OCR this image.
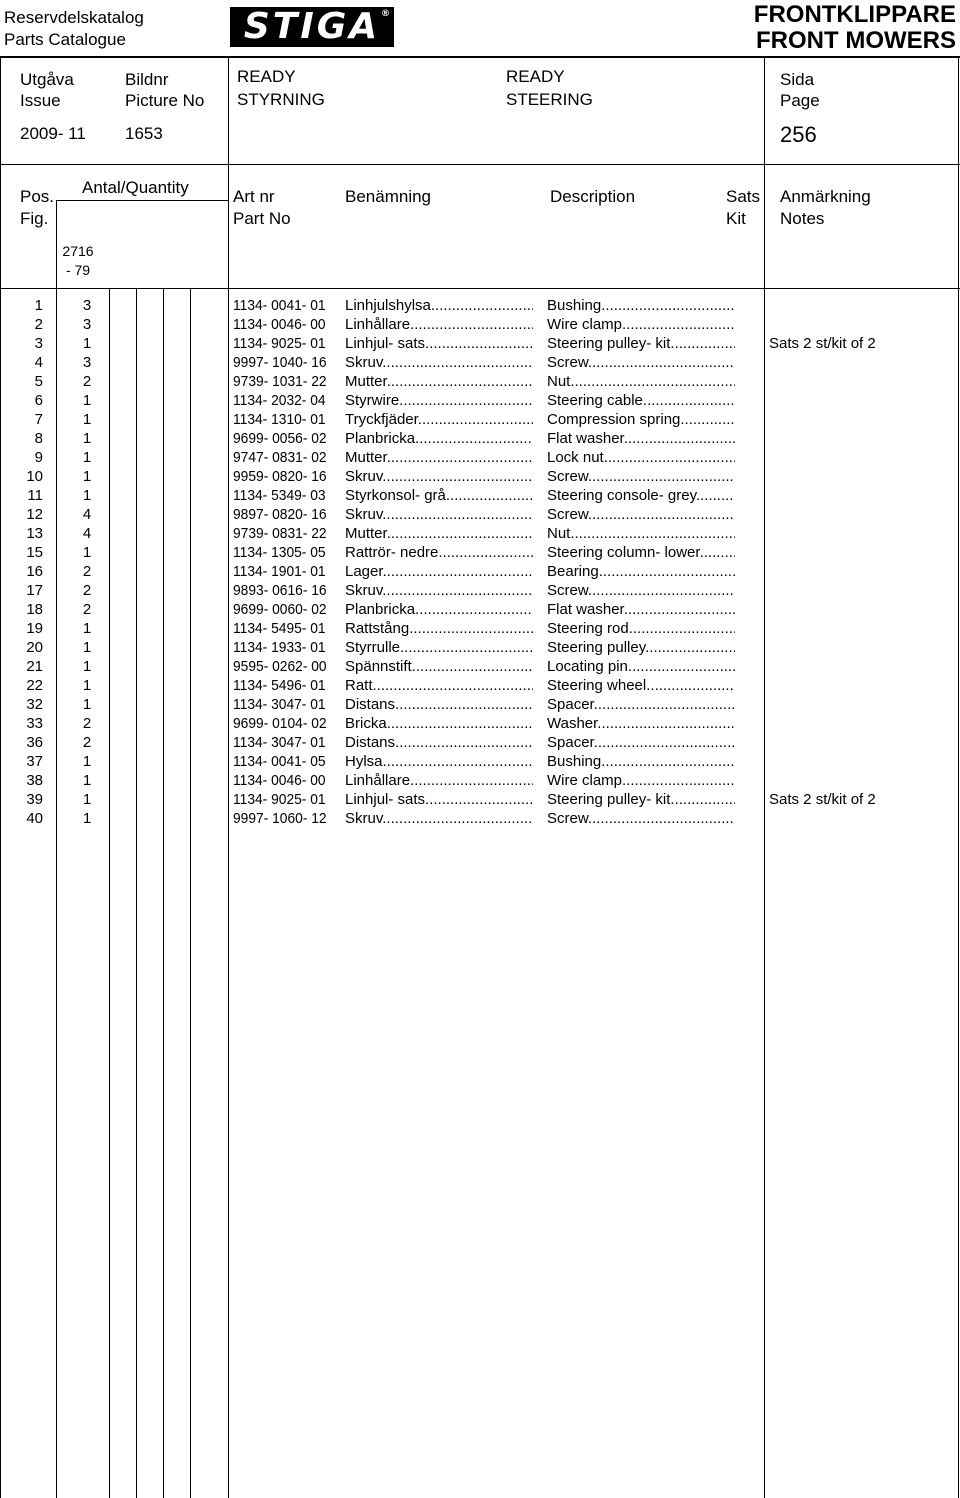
Reservdelskatalog
Parts Catalogue	STIGA ®	FRONTKLIPPARE
FRONT MOWERS
Utgåva
Issue
2009- 11
Bildnr
Picture No
1653
READY
STYRNING
READY
STEERING
Sida
Page
256
Pos.
Fig.
Antal/Quantity
2716
- 79
Art nr
Part No
Benämning	Description	Sats
Kit
Anmärkning
Notes
1	3	1134- 0041- 01	Linhjulshylsa .....	Bushing .....
2	3	1134- 0046- 00	Linhållare .....	Wire clamp .....
3	1	1134- 9025- 01	Linhjul- sats .....	Steering pulley- kit .....	Sats 2 st/kit of 2
4	3	9997- 1040- 16	Skruv .....	Screw .....
5	2	9739- 1031- 22	Mutter .....	Nut .....
6	1	1134- 2032- 04	Styrwire .....	Steering cable .....
7	1	1134- 1310- 01	Tryckfjäder .....	Compression spring .....
8	1	9699- 0056- 02	Planbricka .....	Flat washer .....
9	1	9747- 0831- 02	Mutter .....	Lock nut .....
10	1	9959- 0820- 16	Skruv .....	Screw .....
11	1	1134- 5349- 03	Styrkonsol- grå .....	Steering console- grey .....
12	4	9897- 0820- 16	Skruv .....	Screw .....
13	4	9739- 0831- 22	Mutter .....	Nut .....
15	1	1134- 1305- 05	Rattrör- nedre .....	Steering column- lower .....
16	2	1134- 1901- 01	Lager .....	Bearing .....
17	2	9893- 0616- 16	Skruv .....	Screw .....
18	2	9699- 0060- 02	Planbricka .....	Flat washer .....
19	1	1134- 5495- 01	Rattstång .....	Steering rod .....
20	1	1134- 1933- 01	Styrrulle .....	Steering pulley .....
21	1	9595- 0262- 00	Spännstift .....	Locating pin .....
22	1	1134- 5496- 01	Ratt .....	Steering wheel .....
32	1	1134- 3047- 01	Distans .....	Spacer .....
33	2	9699- 0104- 02	Bricka .....	Washer .....
36	2	1134- 3047- 01	Distans .....	Spacer .....
37	1	1134- 0041- 05	Hylsa .....	Bushing .....
38	1	1134- 0046- 00	Linhållare .....	Wire clamp .....
39	1	1134- 9025- 01	Linhjul- sats .....	Steering pulley- kit .....	Sats 2 st/kit of 2
40	1	9997- 1060- 12	Skruv .....	Screw .....
